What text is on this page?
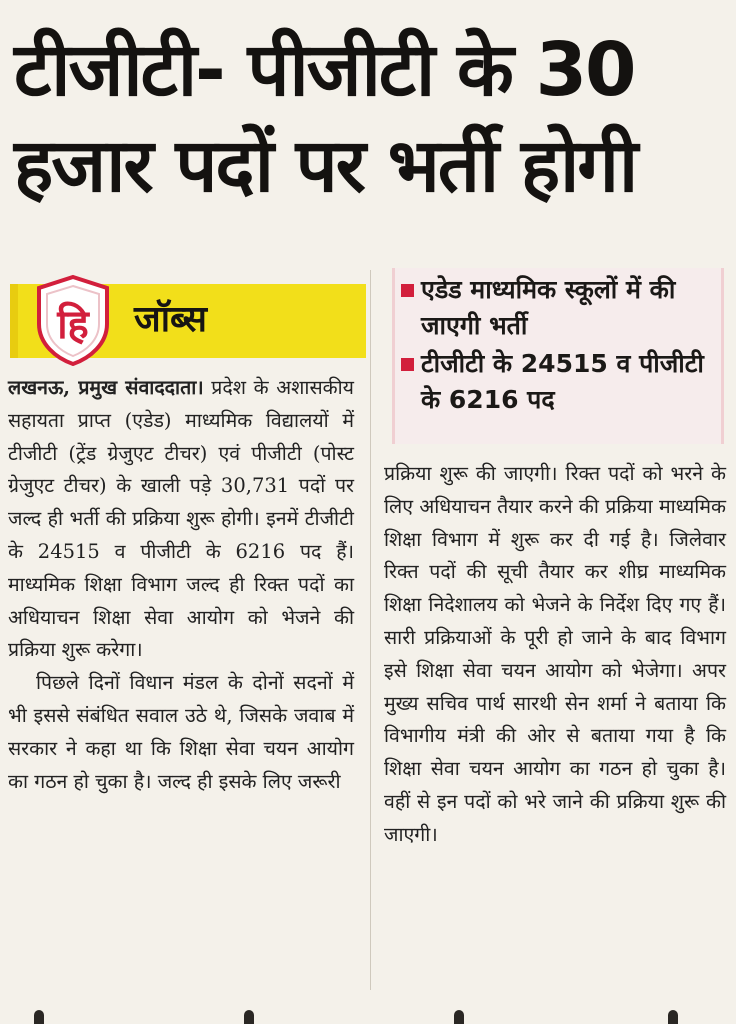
टीजीटी- पीजीटी के 30
हजार पदों पर भर्ती होगी
हि जॉब्स
एडेड माध्यमिक स्कूलों में की जाएगी भर्ती
टीजीटी के 24515 व पीजीटी के 6216 पद

लखनऊ, प्रमुख संवाददाता। प्रदेश के अशासकीय सहायता प्राप्त (एडेड) माध्यमिक विद्यालयों में टीजीटी (ट्रेंड ग्रेजुएट टीचर) एवं पीजीटी (पोस्ट ग्रेजुएट टीचर) के खाली पड़े 30,731 पदों पर जल्द ही भर्ती की प्रक्रिया शुरू होगी। इनमें टीजीटी के 24515 व पीजीटी के 6216 पद हैं। माध्यमिक शिक्षा विभाग जल्द ही रिक्त पदों का अधियाचन शिक्षा सेवा आयोग को भेजने की प्रक्रिया शुरू करेगा।

पिछले दिनों विधान मंडल के दोनों सदनों में भी इससे संबंधित सवाल उठे थे, जिसके जवाब में सरकार ने कहा था कि शिक्षा सेवा चयन आयोग का गठन हो चुका है। जल्द ही इसके लिए जरूरी

प्रक्रिया शुरू की जाएगी। रिक्त पदों को भरने के लिए अधियाचन तैयार करने की प्रक्रिया माध्यमिक शिक्षा विभाग में शुरू कर दी गई है। जिलेवार रिक्त पदों की सूची तैयार कर शीघ्र माध्यमिक शिक्षा निदेशालय को भेजने के निर्देश दिए गए हैं। सारी प्रक्रियाओं के पूरी हो जाने के बाद विभाग इसे शिक्षा सेवा चयन आयोग को भेजेगा। अपर मुख्य सचिव पार्थ सारथी सेन शर्मा ने बताया कि विभागीय मंत्री की ओर से बताया गया है कि शिक्षा सेवा चयन आयोग का गठन हो चुका है। वहीं से इन पदों को भरे जाने की प्रक्रिया शुरू की जाएगी।
